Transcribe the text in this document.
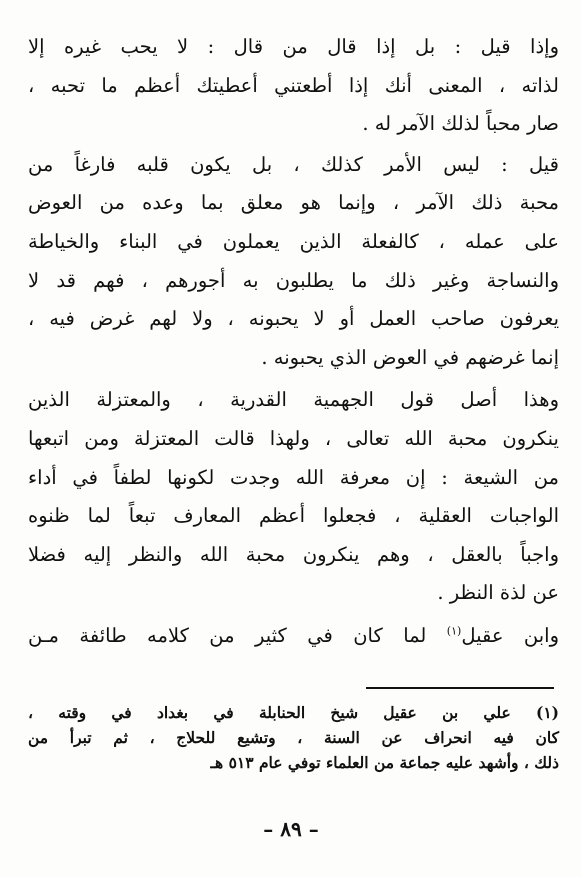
وإذا قيل : بل إذا قال من قال : لا يحب غيره إلا

لذاته ، المعنى أنك إذا أطعتني أعطيتك أعظم ما تحبه ،

صار محباً لذلك الآمر له .

قيل : ليس الأمر كذلك ، بل يكون قلبه فارغاً من

محبة ذلك الآمر ، وإنما هو معلق بما وعده من العوض

على عمله ، كالفعلة الذين يعملون في البناء والخياطة

والنساجة وغير ذلك ما يطلبون به أجورهم ، فهم قد لا

يعرفون صاحب العمل أو لا يحبونه ، ولا لهم غرض فيه ،

إنما غرضهم في العوض الذي يحبونه .

وهذا أصل قول الجهمية القدرية ، والمعتزلة الذين

ينكرون محبة الله تعالى ، ولهذا قالت المعتزلة ومن اتبعها

من الشيعة : إن معرفة الله وجدت لكونها لطفاً في أداء

الواجبات العقلية ، فجعلوا أعظم المعارف تبعاً لما ظنوه

واجباً بالعقل ، وهم ينكرون محبة الله والنظر إليه فضلا

عن لذة النظر .

وابن عقيل$^{(١)}$ لما كان في كثير من كلامه طائفة مـن

(١) علي بن عقيل شيخ الحنابلة في بغداد في وقته ،

كان فيه انحراف عن السنة ، وتشيع للحلاج ، ثم تبرأ من

ذلك ، وأشهد عليه جماعة من العلماء توفي عام ٥١٣ هـ

– ٨٩ –
